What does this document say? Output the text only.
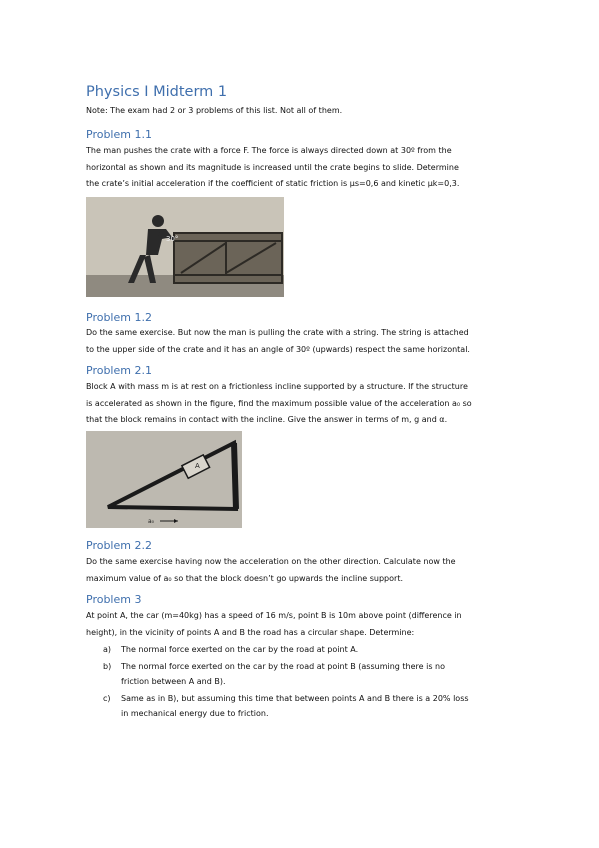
Physics I Midterm 1
Note: The exam had 2 or 3 problems of this list. Not all of them.
Problem 1.1
The man pushes the crate with a force F. The force is always directed down at 30º from the
horizontal as shown and its magnitude is increased until the crate begins to slide. Determine
the crate’s initial acceleration if the coefficient of static friction is μs=0,6 and kinetic μk=0,3.
30°
Problem 1.2
Do the same exercise. But now the man is pulling the crate with a string. The string is attached
to the upper side of the crate and it has an angle of 30º (upwards) respect the same horizontal.
Problem 2.1
Block A with mass m is at rest on a frictionless incline supported by a structure. If the structure
is accelerated as shown in the figure, find the maximum possible value of the acceleration a₀ so
that the block remains in contact with the incline. Give the answer in terms of m, g and α.
A
a₀
Problem 2.2
Do the same exercise having now the acceleration on the other direction. Calculate now the
maximum value of a₀ so that the block doesn’t go upwards the incline support.
Problem 3
At point A, the car (m=40kg) has a speed of 16 m/s, point B is 10m above point (difference in
height), in the vicinity of points A and B the road has a circular shape. Determine:
a) The normal force exerted on the car by the road at point A.
b) The normal force exerted on the car by the road at point B (assuming there is no
friction between A and B).
c) Same as in B), but assuming this time that between points A and B there is a 20% loss
in mechanical energy due to friction.
